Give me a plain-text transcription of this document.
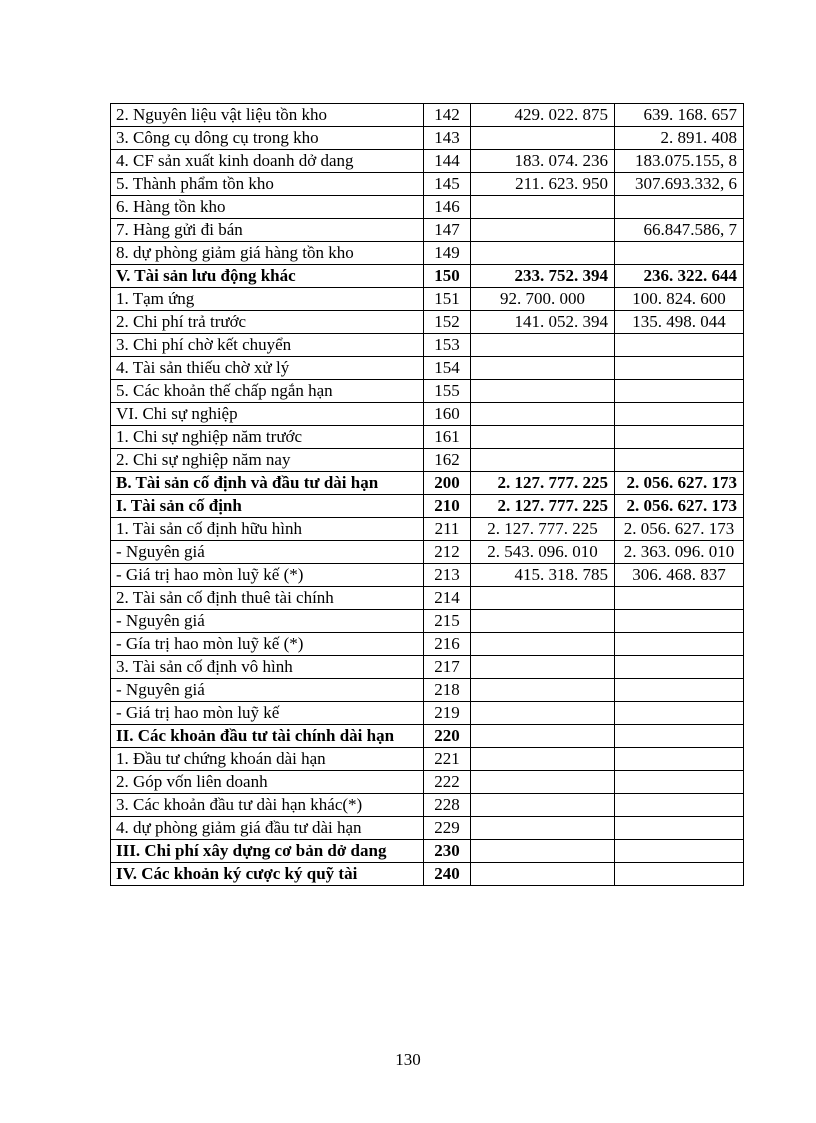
2. Nguyên liệu vật liệu tồn kho	142	429. 022. 875	639. 168. 657
3. Công cụ dông cụ trong kho	143		2. 891. 408
4. CF sản xuất kinh doanh dở dang	144	183. 074. 236	183.075.155, 8
5. Thành phẩm tồn kho	145	211. 623. 950	307.693.332, 6
6. Hàng tồn kho	146		
7. Hàng gửi đi bán	147		66.847.586, 7
8. dự phòng giảm giá hàng tồn kho	149		
V. Tài sản lưu động khác	150	233. 752. 394	236. 322. 644
1. Tạm ứng	151	92. 700. 000	100. 824. 600
2. Chi phí trả trước	152	141. 052. 394	135. 498. 044
3. Chi phí chờ kết chuyển	153		
4. Tài sản thiếu chờ xử lý	154		
5. Các khoản thế chấp ngắn hạn	155		
VI. Chi sự nghiệp	160		
1. Chi sự nghiệp năm trước	161		
2. Chi sự nghiệp năm nay	162		
B. Tài sản cố định và đầu tư dài hạn	200	2. 127. 777. 225	2. 056. 627. 173
I. Tài sản cố định	210	2. 127. 777. 225	2. 056. 627. 173
1. Tài sản cố định hữu hình	211	2. 127. 777. 225	2. 056. 627. 173
- Nguyên giá	212	2. 543. 096. 010	2. 363. 096. 010
- Giá trị hao mòn luỹ kế (*)	213	415. 318. 785	306. 468. 837
2. Tài sản cố định thuê tài chính	214		
- Nguyên giá	215		
- Gía trị hao mòn luỹ kế (*)	216		
3. Tài sản cố định vô hình	217		
- Nguyên giá	218		
- Giá trị hao mòn luỹ kế	219		
II. Các khoản đầu tư tài chính dài hạn	220		
1. Đầu tư chứng khoán dài hạn	221		
2. Góp vốn liên doanh	222		
3. Các khoản đầu tư dài hạn khác(*)	228		
4. dự phòng giảm giá đầu tư dài hạn	229		
III. Chi phí xây dựng cơ bản dở dang	230		
IV. Các khoản ký cược ký quỹ tài	240		
130
